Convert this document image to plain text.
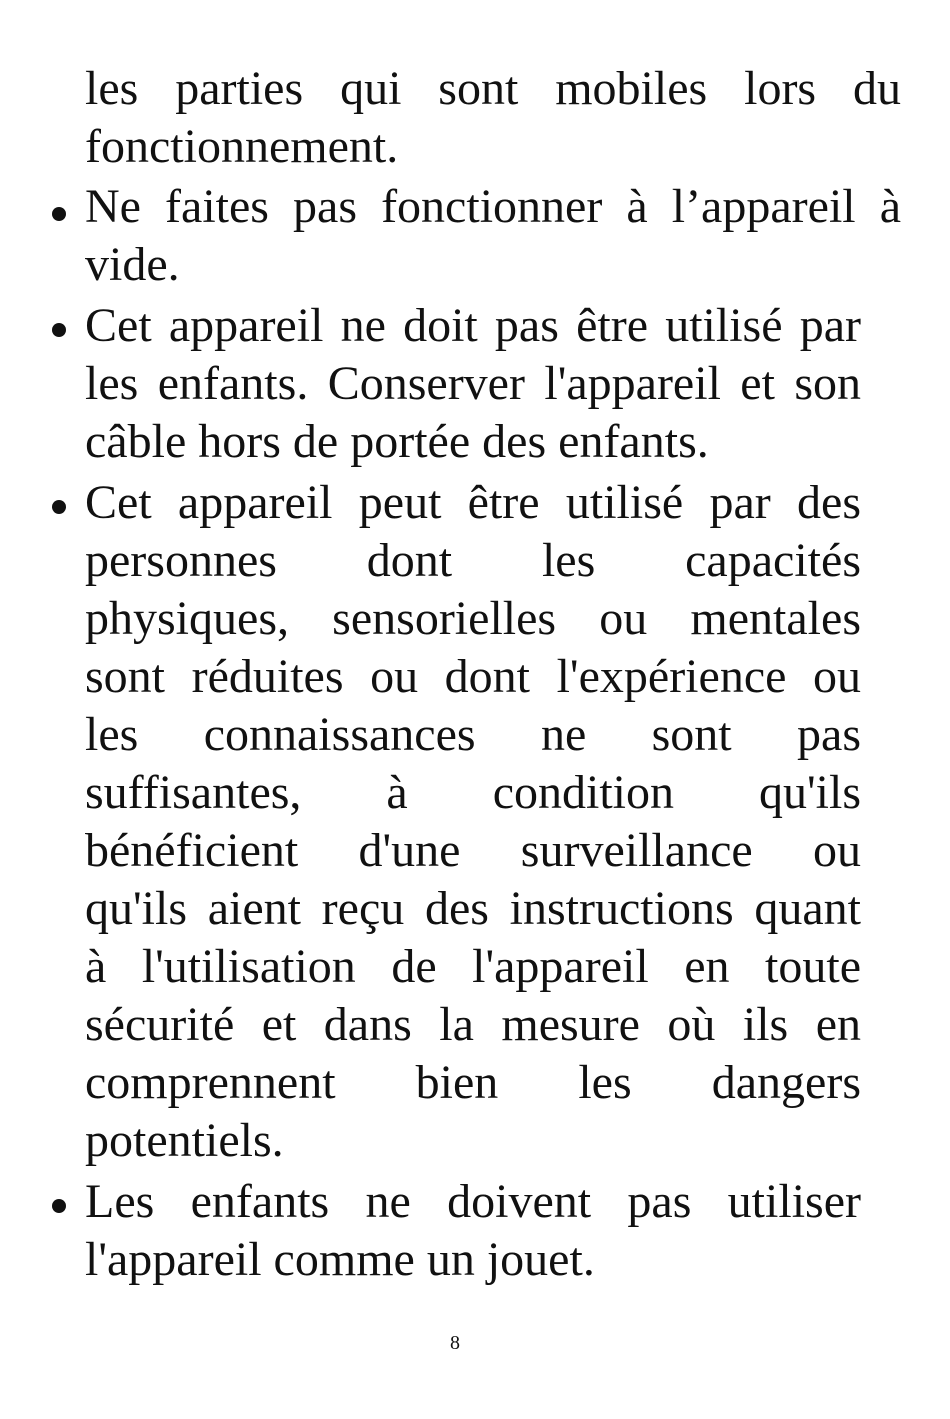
les parties qui sont mobiles lors du

fonctionnement.

Ne faites pas fonctionner à l’appareil à

vide.

Cet appareil ne doit pas être utilisé par

les enfants. Conserver l'appareil et son

câble hors de portée des enfants.

Cet appareil peut être utilisé par des

personnes dont les capacités

physiques, sensorielles ou mentales

sont réduites ou dont l'expérience ou

les connaissances ne sont pas

suffisantes, à condition qu'ils

bénéficient d'une surveillance ou

qu'ils aient reçu des instructions quant

à l'utilisation de l'appareil en toute

sécurité et dans la mesure où ils en

comprennent bien les dangers

potentiels.

Les enfants ne doivent pas utiliser

l'appareil comme un jouet.

8
